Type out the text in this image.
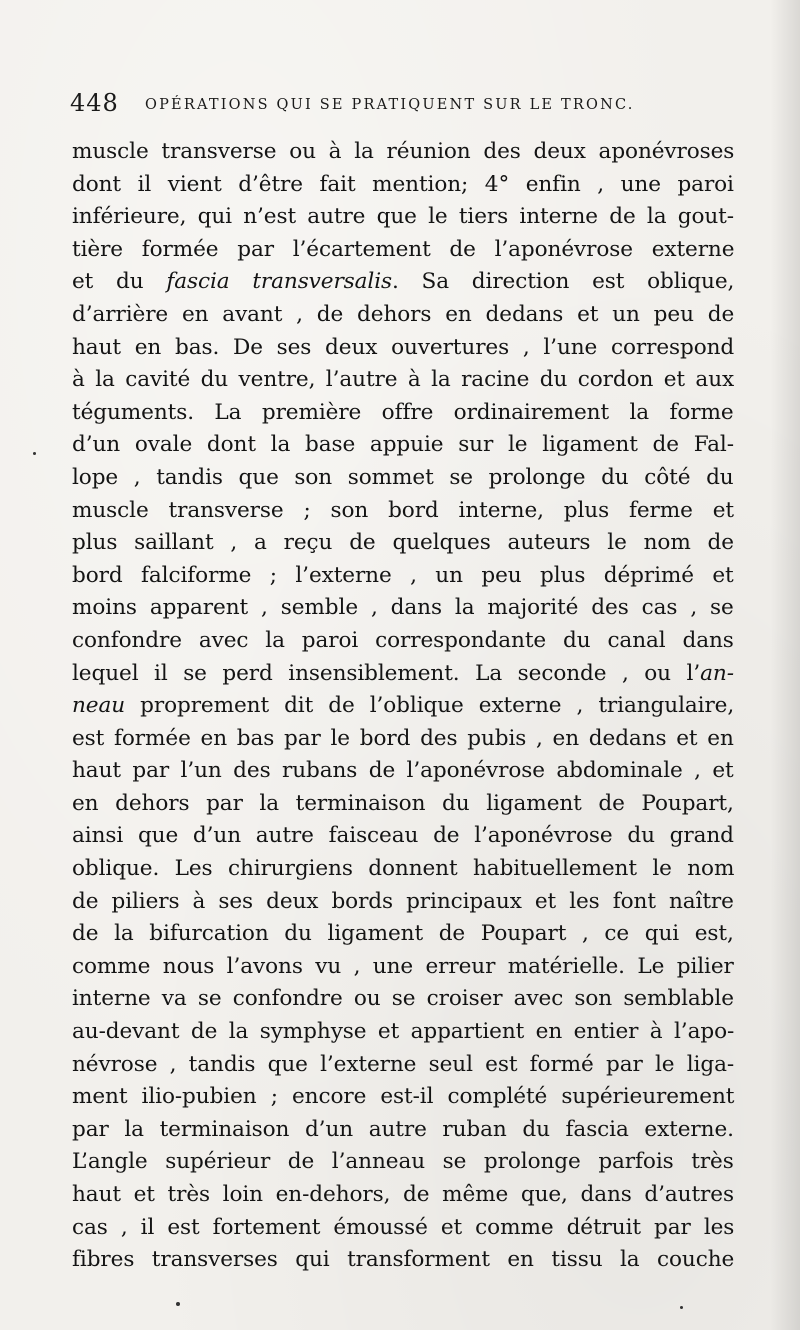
448 OPÉRATIONS QUI SE PRATIQUENT SUR LE TRONC.
muscle transverse ou à la réunion des deux aponévroses
dont il vient d’être fait mention; 4° enfin , une paroi
inférieure, qui n’est autre que le tiers interne de la gout-
tière formée par l’écartement de l’aponévrose externe
et du fascia transversalis. Sa direction est oblique,
d’arrière en avant , de dehors en dedans et un peu de
haut en bas. De ses deux ouvertures , l’une correspond
à la cavité du ventre, l’autre à la racine du cordon et aux
téguments. La première offre ordinairement la forme
d’un ovale dont la base appuie sur le ligament de Fal-
lope , tandis que son sommet se prolonge du côté du
muscle transverse ; son bord interne, plus ferme et
plus saillant , a reçu de quelques auteurs le nom de
bord falciforme ; l’externe , un peu plus déprimé et
moins apparent , semble , dans la majorité des cas , se
confondre avec la paroi correspondante du canal dans
lequel il se perd insensiblement. La seconde , ou l’an-
neau proprement dit de l’oblique externe , triangulaire,
est formée en bas par le bord des pubis , en dedans et en
haut par l’un des rubans de l’aponévrose abdominale , et
en dehors par la terminaison du ligament de Poupart,
ainsi que d’un autre faisceau de l’aponévrose du grand
oblique. Les chirurgiens donnent habituellement le nom
de piliers à ses deux bords principaux et les font naître
de la bifurcation du ligament de Poupart , ce qui est,
comme nous l’avons vu , une erreur matérielle. Le pilier
interne va se confondre ou se croiser avec son semblable
au-devant de la symphyse et appartient en entier à l’apo-
névrose , tandis que l’externe seul est formé par le liga-
ment ilio-pubien ; encore est-il complété supérieurement
par la terminaison d’un autre ruban du fascia externe.
L’angle supérieur de l’anneau se prolonge parfois très
haut et très loin en-dehors, de même que, dans d’autres
cas , il est fortement émoussé et comme détruit par les
fibres transverses qui transforment en tissu la couche
